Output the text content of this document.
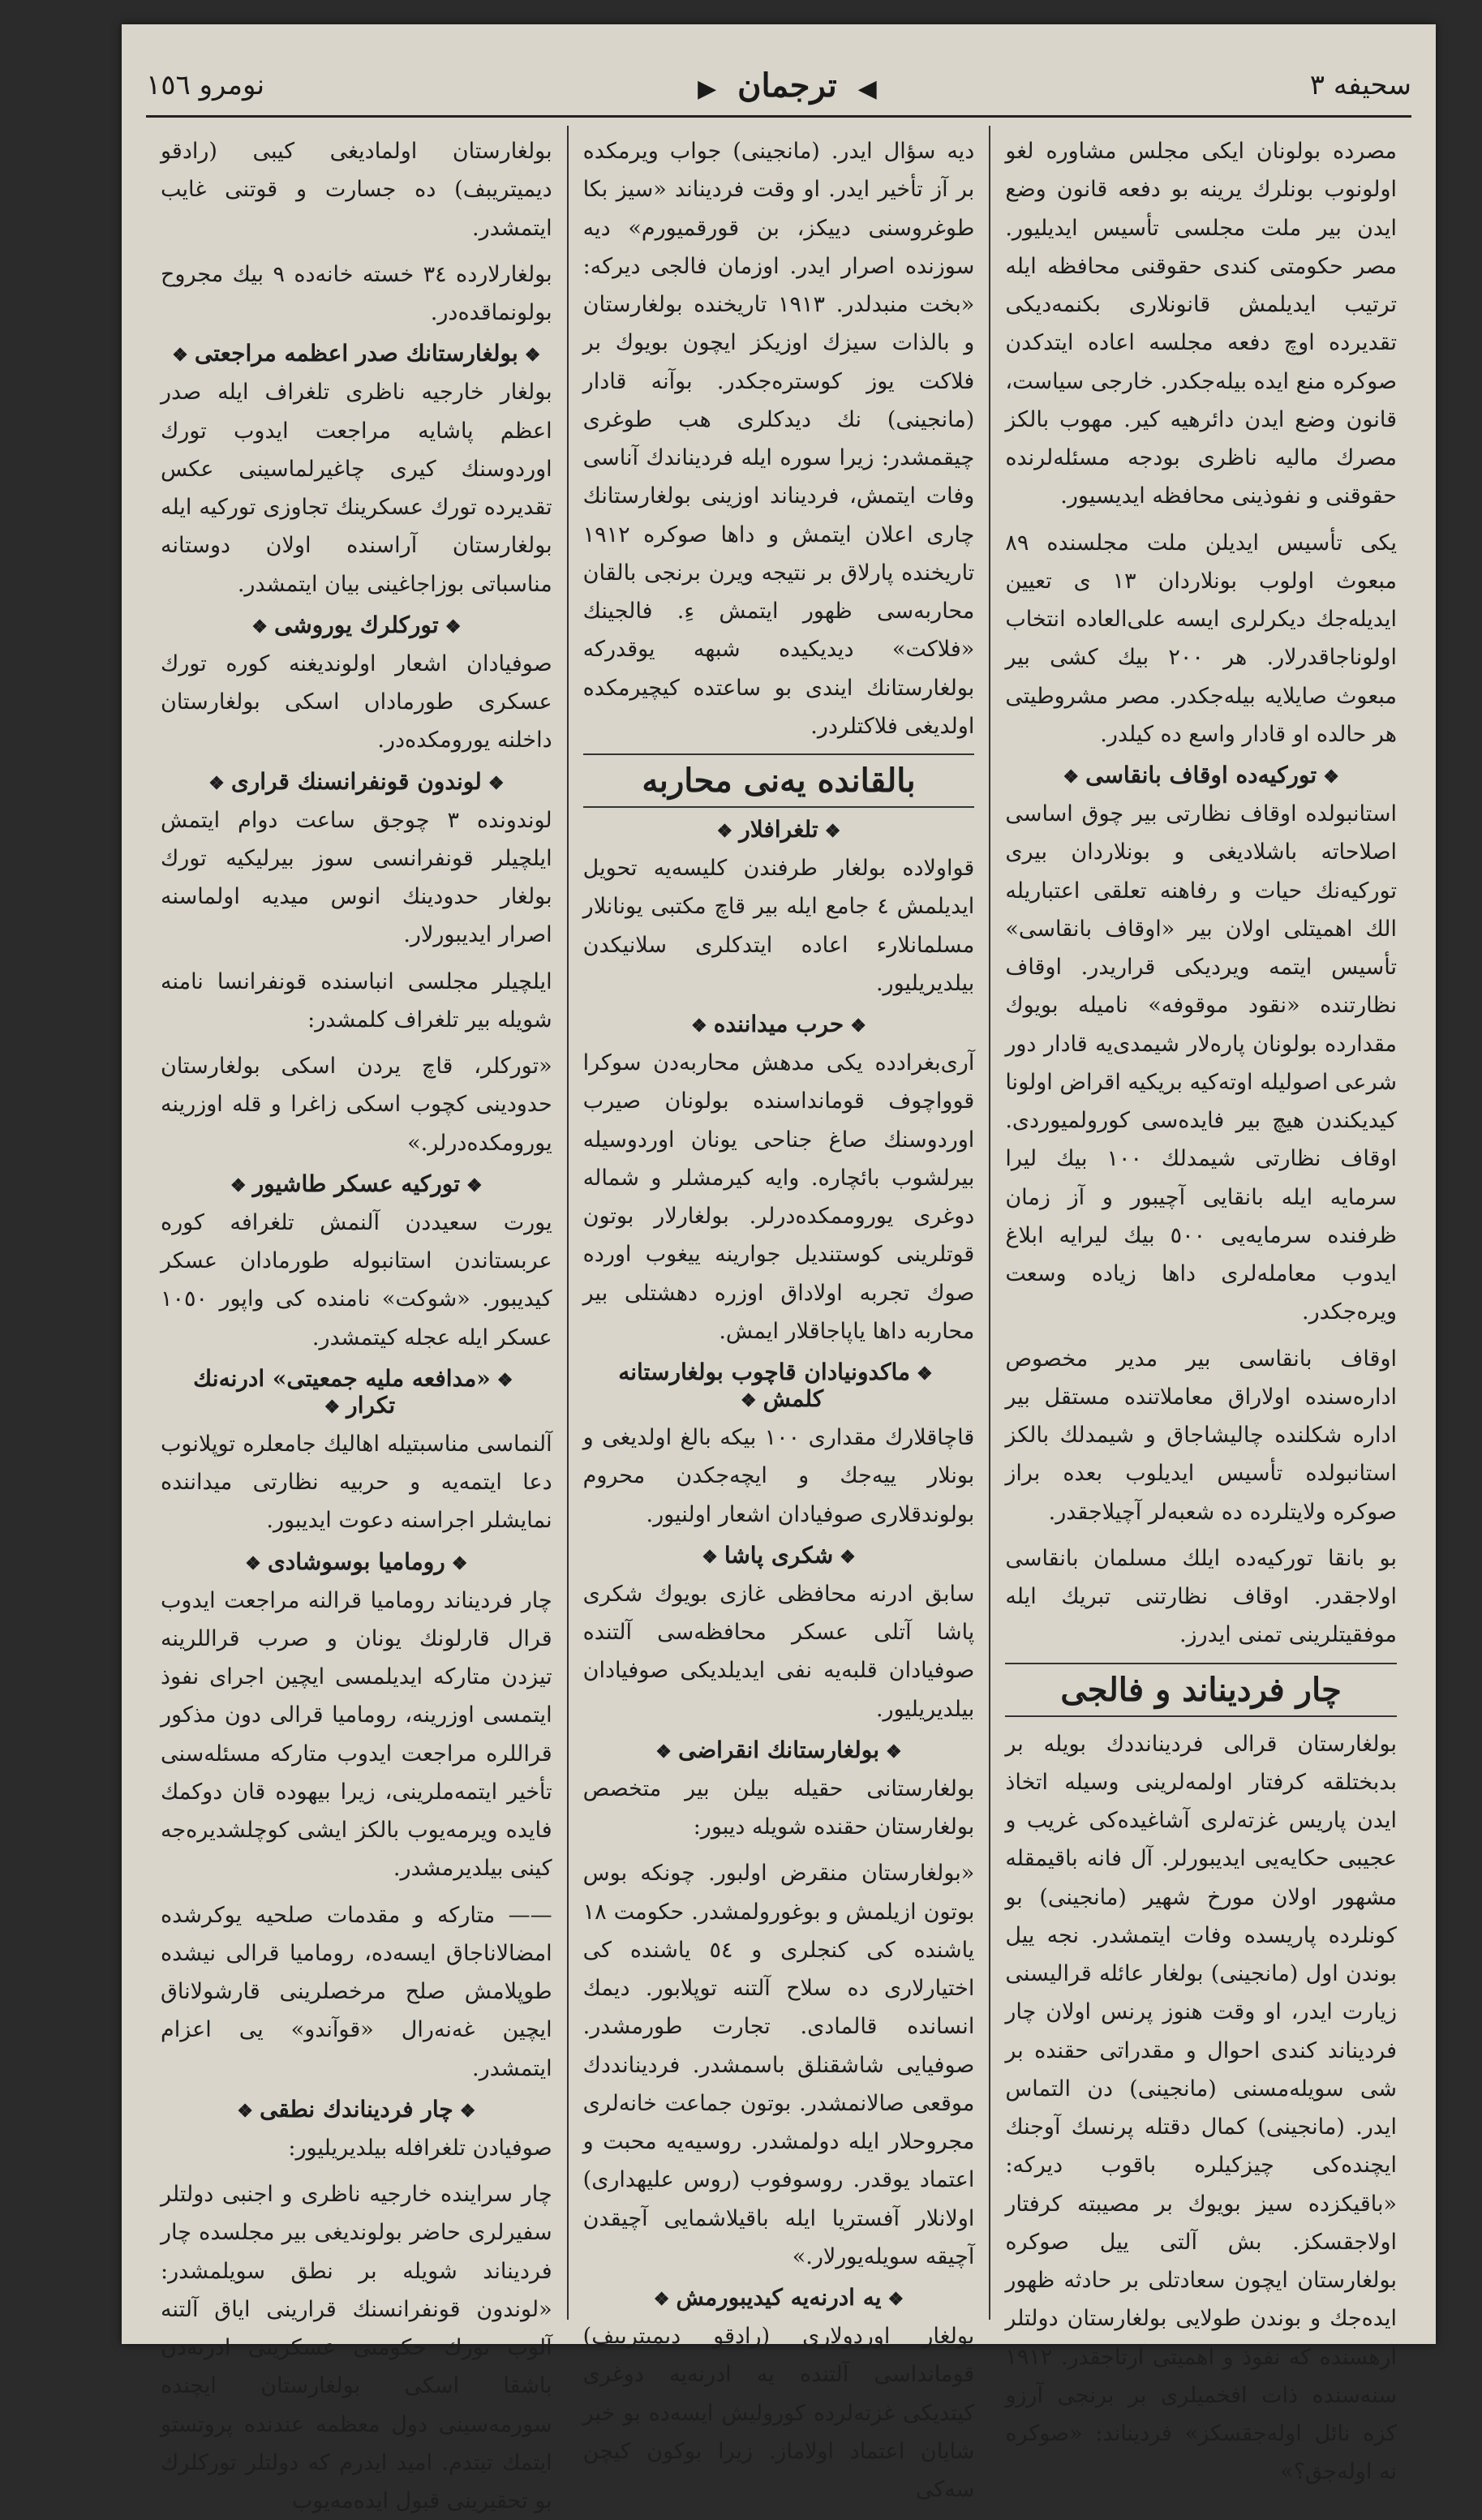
سحيفه ٣
◀ ترجمان ▶
نومرو ١٥٦

مصرده بولونان ايكى مجلس مشاوره لغو اولونوب بونلرك يرينه بو دفعه قانون وضع ايدن بير ملت مجلسى تأسيس ايديليور. مصر حكومتى كندى حقوقنى محافظه ايله ترتيب ايديلمش قانونلارى بكنمه‌دیكى تقديرده اوچ دفعه مجلسه اعاده ايتدكدن صوكره منع ايده بيله‌جكدر. خارجى سياست، قانون وضع ايدن دائرهيه كير. مهوب بالكز مصرك ماليه ناظرى بودجه مسئله‌لرنده حقوقنى و نفوذينى محافظه ايديسيور.

يكى تأسيس ايديلن ملت مجلسنده ٨٩ مبعوث اولوب بونلاردان ١٣ ى تعيين ايديله‌جك ديكرلرى ايسه على‌العاده انتخاب اولوناجاقدرلار. هر ٢٠٠ بيك كشى بير مبعوث صايلايه بيله‌جكدر. مصر مشروطيتى هر حالده او قادار واسع ده كيلدر.

❖توركيه‌ده اوقاف بانقاسى❖

استانبولده اوقاف نظارتى بير چوق اساسى اصلاحاته باشلاديغى و بونلاردان بيرى توركيه‌نك حيات و رفاهنه تعلقى اعتباريله الك اهميتلى اولان بير «اوقاف بانقاسى» تأسيس ايتمه ويرديكى قراريدر. اوقاف نظارتنده «نقود موقوفه» ناميله بويوك مقدارده بولونان پاره‌لار شيمدى‌يه قادار دور شرعى اصوليله اوته‌كيه بريكيه اقراض اولونا كيديكندن هيچ بير فايده‌سى كورولميوردى. اوقاف نظارتى شيمدلك ١٠٠ بيك ليرا سرمايه ايله بانقايى آچيبور و آز زمان ظرفنده سرمايه‌يى ٥٠٠ بيك ليرايه ابلاغ ايدوب معامله‌لرى داها زياده وسعت ويره‌جكدر.

اوقاف بانقاسى بير مدير مخصوص اداره‌سنده اولاراق معاملاتنده مستقل بير اداره شكلنده چاليشاجاق و شيمدلك بالكز استانبولده تأسيس ايديلوب بعده براز صوكره ولايتلرده ده شعبه‌لر آچيلاجقدر.

بو بانقا توركيه‌ده ايلك مسلمان بانقاسى اولاجقدر. اوقاف نظارتنى تبريك ايله موفقيتلرينى تمنى ايدرز.

چار فردیناند و فالجى

بولغارستان قرالى فردينانددك بويله بر بدبختلقه كرفتار اولمه‌لرينى وسيله اتخاذ ايدن پاريس غزته‌لرى آشاغيده‌كى غريب و عجيبى حكايه‌يى ايديبورلر. آل فانه باقيمقله مشهور اولان مورخ شهير (مانجينى) بو كونلرده پاريسده وفات ايتمشدر. نجه ييل بوندن اول (مانجينى) بولغار عائله قراليسنى زيارت ايدر، او وقت هنوز پرنس اولان چار فرديناند كندى احوال و مقدراتى حقنده بر شى سويله‌مسنى (مانجينى) دن التماس ايدر. (مانجينى) كمال دقتله پرنسك آوجنك ايچنده‌كى چيزكيلره باقوب ديركه: «باقيكزده سيز بويوك بر مصيبته كرفتار اولاجقسكز. بش آلتى ييل صوكره بولغارستان ايچون سعادتلى بر حادثه ظهور ايده‌جك و بوندن طولايى بولغارستان دولتلر آرهسنده كه نفوذ و اهميتى آرتاجقدر. ١٩١٢ سنه‌سنده ذات افخميلرى بر برنجى آرزو كزه نائل اوله‌جقسكز» فرديناند: «صوكره نه اوله‌جق؟»

ديه سؤال ايدر. (مانجينى) جواب ويرمكده بر آز تأخير ايدر. او وقت فرديناند «سيز بكا طوغروسنى دييكز، بن قورقميورم» ديه سوزنده اصرار ايدر. اوزمان فالجى ديركه: «بخت منبدلدر. ١٩١٣ تاريخنده بولغارستان و بالذات سيزك اوزيكز ايچون بويوك بر فلاكت يوز كوستره‌جكدر. بوآنه قادار (مانجينى) نك ديدكلرى هب طوغرى چيقمشدر: زيرا سوره ايله فرديناندك آناسى وفات ايتمش، فرديناند اوزينى بولغارستانك چارى اعلان ايتمش و داها صوكره ١٩١٢ تاريخنده پارلاق بر نتيجه ويرن برنجى بالقان محاربه‌سى ظهور ايتمش ءِ. فالجينك «فلاكت» ديديكيده شبهه يوقدركه بولغارستانك ايندى بو ساعتده كيچيرمكده اولديغى فلاكتلردر.

بالقانده يه‌نى محاربه
❖تلغرافلار❖

قواولاده بولغار طرفندن كليسه‌يه تحويل ايديلمش ٤ جامع ايله بير قاچ مكتبى يونانلار مسلمانلارء اعاده ايتدكلرى سلانيكدن بيلديريليور.

❖حرب ميداننده❖

آرى‌بغرادده يكى مدهش محاربه‌دن سوكرا قوواچوف قومانداسنده بولونان صيرب اوردوسنك صاغ جناحى يونان اوردوسيله بيرلشوب بائچاره. وايه كيرمشلر و شماله دوغرى يوروممكده‌درلر. بولغارلار بوتون قوتلرينى كوستنديل جوارينه ييغوب اورده صوك تجربه اولاداق اوزره دهشتلى بير محاربه داها ياپاجاقلار ايمش.

❖ماكدونيادان قاچوب بولغارستانه كلمش❖

قاچاقلارك مقدارى ١٠٠ بيكه بالغ اولديغى و بونلار ييه‌جك و ايچه‌جكدن محروم بولوندقلارى صوفيادان اشعار اولنيور.

❖شكرى پاشا❖

سابق ادرنه محافظى غازى بويوك شكرى پاشا آتلى عسكر محافظه‌سى آلتنده صوفيادان قلبه‌يه نفى ايديلديكى صوفيادان بيلديريليور.

❖بولغارستانك انقراضى❖

بولغارستانى حقيله بيلن بير متخصص بولغارستان حقنده شويله ديبور:

«بولغارستان منقرض اولبور. چونكه بوس بوتون ازيلمش و بوغورولمشدر. حكومت ١٨ ياشنده كى كنجلرى و ٥٤ ياشنده كى اختيارلارى ده سلاح آلتنه توپلابور. ديمك انسانده قالمادى. تجارت طورمشدر. صوفيايى شاشقنلق باسمشدر. فردينانددك موقعى صالانمشدر. بوتون جماعت خانه‌لرى مجروحلار ايله دولمشدر. روسيه‌يه محبت و اعتماد يوقدر. روسوفوب (روس عليهدارى) اولانلار آفستريا ايله باقيلاشمايى آچيقدن آچيقه سويله‌يورلار.»

❖يه ادرنه‌يه كيديبورمش❖

بولغار اوردولارى (رادقو ديميتريبف) قومانداسى آلتنده يه ادرنه‌يه دوغرى كيتديكى غزته‌لرده كوروليش ايسه‌ده بو خبر شايان اعتماد اولاماز. زيرا بوكون كيچن سه‌كى

بولغارستان اولماديغى كيبى (رادقو ديميتريبف) ده جسارت و قوتنى غايب ايتمشدر.

بولغارلارده ٣٤ خسته خانه‌ده ٩ بيك مجروح بولونماقده‌در.

❖بولغارستانك صدر اعظمه مراجعتى❖

بولغار خارجيه ناظرى تلغراف ايله صدر اعظم پاشايه مراجعت ايدوب تورك اوردوسنك كيرى چاغيرلماسينى عكس تقديرده تورك عسكرينك تجاوزى توركيه ايله بولغارستان آراسنده اولان دوستانه مناسباتى بوزاجاغينى بيان ايتمشدر.

❖توركلرك يوروشى❖

صوفيادان اشعار اولونديغنه كوره تورك عسكرى طورماداں اسكى بولغارستان داخلنه يورومكده‌در.

❖لوندون قونفرانسنك قرارى❖

لوندونده ٣ چوجق ساعت دوام ايتمش ايلچيلر قونفرانسى سوز بيرليكيه تورك بولغار حدودينك انوس ميديه اولماسنه اصرار ايديبورلار.

ايلچيلر مجلسى انباسنده قونفرانسا نامنه شويله بير تلغراف كلمشدر:

«توركلر، قاچ يردن اسكى بولغارستان حدودينى كچوب اسكى زاغرا و قله اوزرينه يورومكده‌درلر.»

❖توركيه عسكر طاشيور❖

يورت سعيددن آلنمش تلغرافه كوره عربستاندن استانبوله طورمادان عسكر كيديبور. «شوكت» نامنده كى واپور ١٠٥٠ عسكر ايله عجله كيتمشدر.

❖«مدافعه مليه جمعيتى» ادرنه‌نك تكرار❖

آلنماسى مناسبتيله اهاليك جامعلره توپلانوب دعا ايتمه‌يه و حربيه نظارتى ميداننده نمايشلر اجراسنه دعوت ايديبور.

❖روماميا بوسوشادى❖

چار فرديناند روماميا قرالنه مراجعت ايدوب قرال قارلونك يونان و صرب قراللرينه تيزدن متاركه ايديلمسى ايچين اجراى نفوذ ايتمسى اوزرينه، روماميا قرالى دون مذكور قراللره مراجعت ايدوب متاركه مسئله‌سنى تأخير ايتمه‌ملرينى، زيرا بيهوده قان دوكمك فايده ويرمه‌يوب بالكز ايشى كوچلشديره‌جه كينى بيلديرمشدر.

—— متاركه و مقدمات صلحيه يوكرشده امضالاناجاق ايسه‌ده، روماميا قرالى نيشده طوپلامش صلح مرخصلرينى قارشولاناق ايچين غه‌نه‌رال «قوآندو» يى اعزام ايتمشدر.

❖چار فرديناندك نطقى❖

صوفيادن تلغرافله بيلديريليور:

چار سراينده خارجيه ناظرى و اجنبى دولتلر سفيرلرى حاضر بولونديغى بير مجلسده چار فرديناند شويله بر نطق سويلمشدر: «لوندون قونفرانسنك قرارينى اياق آلتنه آلوب تورك حكومتى عسكرينى ادرنه‌دن باشقا اسكى بولغارستان ايچنده سورمه‌سينى دول معظمه عندنده پروتستو ايتمك تيتدم. اميد ايدرم كه دولتلر توركلرك بو تحقيرينى قبول ايده‌مه‌يوب
